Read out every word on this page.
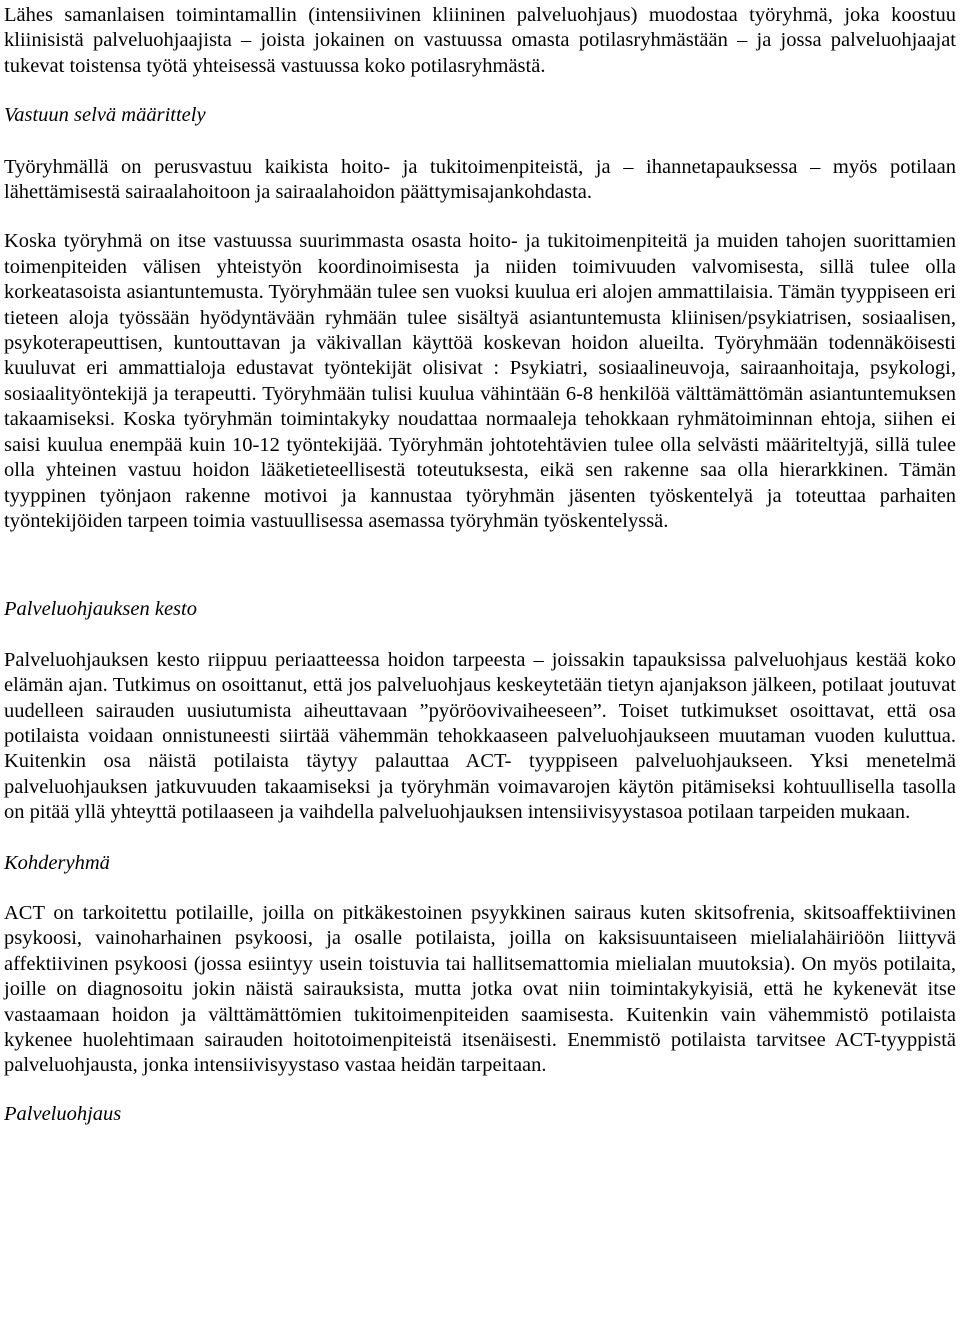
Lähes samanlaisen toimintamallin (intensiivinen kliininen palveluohjaus) muodostaa työryhmä, joka koostuu kliinisistä palveluohjaajista – joista jokainen on vastuussa omasta potilasryhmästään – ja jossa palveluohjaajat tukevat toistensa työtä yhteisessä vastuussa koko potilasryhmästä.

Vastuun selvä määrittely

Työryhmällä on perusvastuu kaikista hoito- ja tukitoimenpiteistä, ja – ihannetapauksessa – myös potilaan lähettämisestä sairaalahoitoon ja sairaalahoidon päättymisajankohdasta.

Koska työryhmä on itse vastuussa suurimmasta osasta hoito- ja tukitoimenpiteitä ja muiden tahojen suorittamien toimenpiteiden välisen yhteistyön koordinoimisesta ja niiden toimivuuden valvomisesta, sillä tulee olla korkeatasoista asiantuntemusta. Työryhmään tulee sen vuoksi kuulua eri alojen ammattilaisia. Tämän tyyppiseen eri tieteen aloja työssään hyödyntävään ryhmään tulee sisältyä asiantuntemusta kliinisen/psykiatrisen, sosiaalisen, psykoterapeuttisen, kuntouttavan ja väkivallan käyttöä koskevan hoidon alueilta. Työryhmään todennäköisesti kuuluvat eri ammattialoja edustavat työntekijät olisivat : Psykiatri, sosiaalineuvoja, sairaanhoitaja, psykologi, sosiaalityöntekijä ja terapeutti. Työryhmään tulisi kuulua vähintään 6-8 henkilöä välttämättömän asiantuntemuksen takaamiseksi. Koska työryhmän toimintakyky noudattaa normaaleja tehokkaan ryhmätoiminnan ehtoja, siihen ei saisi kuulua enempää kuin 10-12 työntekijää. Työryhmän johtotehtävien tulee olla selvästi määriteltyjä, sillä tulee olla yhteinen vastuu hoidon lääketieteellisestä toteutuksesta, eikä sen rakenne saa olla hierarkkinen. Tämän tyyppinen työnjaon rakenne motivoi ja kannustaa työryhmän jäsenten työskentelyä ja toteuttaa parhaiten työntekijöiden tarpeen toimia vastuullisessa asemassa työryhmän työskentelyssä.

Palveluohjauksen kesto

Palveluohjauksen kesto riippuu periaatteessa hoidon tarpeesta – joissakin tapauksissa palveluohjaus kestää koko elämän ajan. Tutkimus on osoittanut, että jos palveluohjaus keskeytetään tietyn ajanjakson jälkeen, potilaat joutuvat uudelleen sairauden uusiutumista aiheuttavaan ”pyöröovivaiheeseen”. Toiset tutkimukset osoittavat, että osa potilaista voidaan onnistuneesti siirtää vähemmän tehokkaaseen palveluohjaukseen muutaman vuoden kuluttua. Kuitenkin osa näistä potilaista täytyy palauttaa ACT- tyyppiseen palveluohjaukseen. Yksi menetelmä palveluohjauksen jatkuvuuden takaamiseksi ja työryhmän voimavarojen käytön pitämiseksi kohtuullisella tasolla on pitää yllä yhteyttä potilaaseen ja vaihdella palveluohjauksen intensiivisyystasoa potilaan tarpeiden mukaan.

Kohderyhmä

ACT on tarkoitettu potilaille, joilla on pitkäkestoinen psyykkinen sairaus kuten skitsofrenia, skitsoaffektiivinen psykoosi, vainoharhainen psykoosi, ja osalle potilaista, joilla on kaksisuuntaiseen mielialahäiriöön liittyvä affektiivinen psykoosi (jossa esiintyy usein toistuvia tai hallitsemattomia mielialan muutoksia). On myös potilaita, joille on diagnosoitu jokin näistä sairauksista, mutta jotka ovat niin toimintakykyisiä, että he kykenevät itse vastaamaan hoidon ja välttämättömien tukitoimenpiteiden saamisesta. Kuitenkin vain vähemmistö potilaista kykenee huolehtimaan sairauden hoitotoimenpiteistä itsenäisesti. Enemmistö potilaista tarvitsee ACT-tyyppistä palveluohjausta, jonka intensiivisyystaso vastaa heidän tarpeitaan.

Palveluohjaus
